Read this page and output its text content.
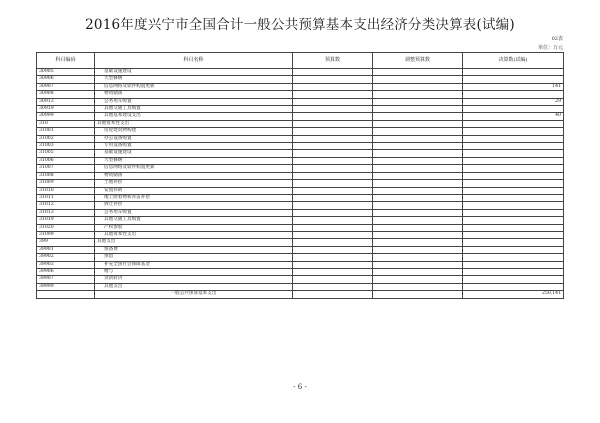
2016年度兴宁市全国合计一般公共预算基本支出经济分类决算表(试编)
02表
单位：万元
科目编码	科目名称	预算数	调整预算数	决算数(试编)
30905	基础设施建设			
30906	大型修缮			
30907	信息网络及软件购置更新			141
30908	物资储备			
30913	公务用车购置			29
30919	其他交通工具购置			
30999	其他基本建设支出			40
310	其他资本性支出			
31001	房屋建筑物购建			
31002	办公设备购置			
31003	专用设备购置			
31005	基础设施建设			
31006	大型修缮			
31007	信息网络及软件购置更新			
31008	物资储备			
31009	土地补偿			
31010	安置补助			
31011	地上附着物和青苗补偿			
31012	拆迁补偿			
31013	公务用车购置			
31019	其他交通工具购置			
31020	产权参股			
31099	其他资本性支出			
399	其他支出			
39901	预备费			
39902	预留			
39903	补充全国社会保障基金			
39906	赠与			
39907	贷款转贷			
39999	其他支出			
	一般公共预算基本支出			250,141
- 6 -
